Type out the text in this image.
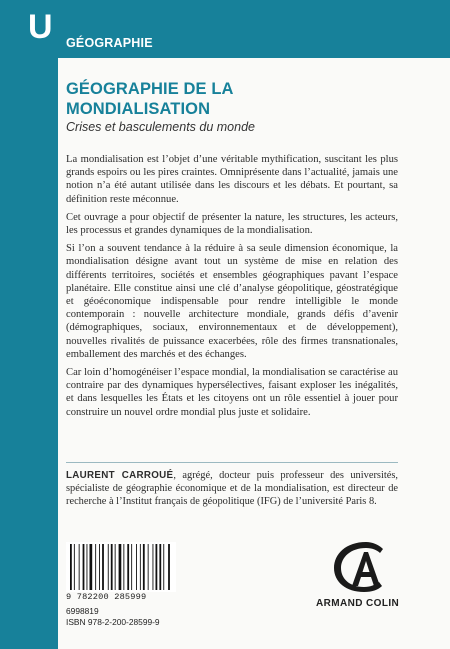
U GÉOGRAPHIE
GÉOGRAPHIE DE LA
MONDIALISATION
Crises et basculements du monde

La mondialisation est l’objet d’une véritable mythification, suscitant les plus grands espoirs ou les pires craintes. Omniprésente dans l’actualité, jamais une notion n’a été autant utilisée dans les discours et les débats. Et pourtant, sa définition reste méconnue.

Cet ouvrage a pour objectif de présenter la nature, les structures, les acteurs, les processus et grandes dynamiques de la mondialisation.

Si l’on a souvent tendance à la réduire à sa seule dimension économique, la mondialisation désigne avant tout un système de mise en relation des différents territoires, sociétés et ensembles géographiques pavant l’espace planétaire. Elle constitue ainsi une clé d’analyse géopolitique, géostratégique et géoéconomique indispensable pour rendre intelligible le monde contemporain : nouvelle architecture mondiale, grands défis d’avenir (démographiques, sociaux, environnementaux et de développement), nouvelles rivalités de puissance exacerbées, rôle des firmes transnationales, emballement des marchés et des échanges.

Car loin d’homogénéiser l’espace mondial, la mondialisation se caractérise au contraire par des dynamiques hypersélectives, faisant exploser les inégalités, et dans lesquelles les États et les citoyens ont un rôle essentiel à jouer pour construire un nouvel ordre mondial plus juste et solidaire.

LAURENT CARROUÉ, agrégé, docteur puis professeur des universités, spécialiste de géographie économique et de la mondialisation, est directeur de recherche à l’Institut français de géopolitique (IFG) de l’université Paris 8.
9 782200 285999
6998819
ISBN 978-2-200-28599-9
ARMAND COLIN
